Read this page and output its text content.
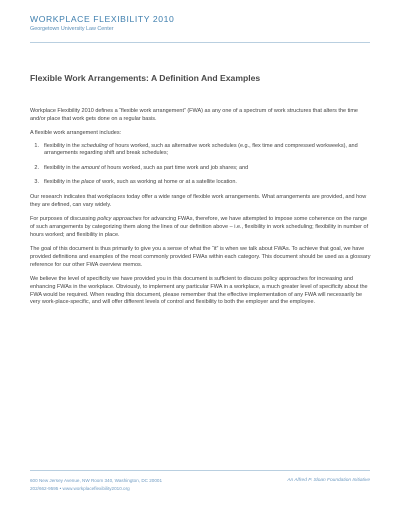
WORKPLACE FLEXIBILITY 2010
Georgetown University Law Center
Flexible Work Arrangements: A Definition And Examples

Workplace Flexibility 2010 defines a “flexible work arrangement” (FWA) as any one of a spectrum of work structures that alters the time and/or place that work gets done on a regular basis.

A flexible work arrangement includes:

1. flexibility in the scheduling of hours worked, such as alternative work schedules (e.g., flex time and compressed workweeks), and arrangements regarding shift and break schedules;
2. flexibility in the amount of hours worked, such as part time work and job shares; and
3. flexibility in the place of work, such as working at home or at a satellite location.

Our research indicates that workplaces today offer a wide range of flexible work arrangements. What arrangements are provided, and how they are defined, can vary widely.

For purposes of discussing policy approaches for advancing FWAs, therefore, we have attempted to impose some coherence on the range of such arrangements by categorizing them along the lines of our definition above – i.e., flexibility in work scheduling; flexibility in number of hours worked; and flexibility in place.

The goal of this document is thus primarily to give you a sense of what the “it” is when we talk about FWAs. To achieve that goal, we have provided definitions and examples of the most commonly provided FWAs within each category. This document should be used as a glossary reference for our other FWA overview memos.

We believe the level of specificity we have provided you in this document is sufficient to discuss policy approaches for increasing and enhancing FWAs in the workplace. Obviously, to implement any particular FWA in a workplace, a much greater level of specificity about the FWA would be required. When reading this document, please remember that the effective implementation of any FWA will necessarily be very work-place-specific, and will offer different levels of control and flexibility to both the employer and the employee.

600 New Jersey Avenue, NW Room 340, Washington, DC 20001
202/662-9595 • www.workplaceflexibility2010.org
An Alfred P. Sloan Foundation Initiative
